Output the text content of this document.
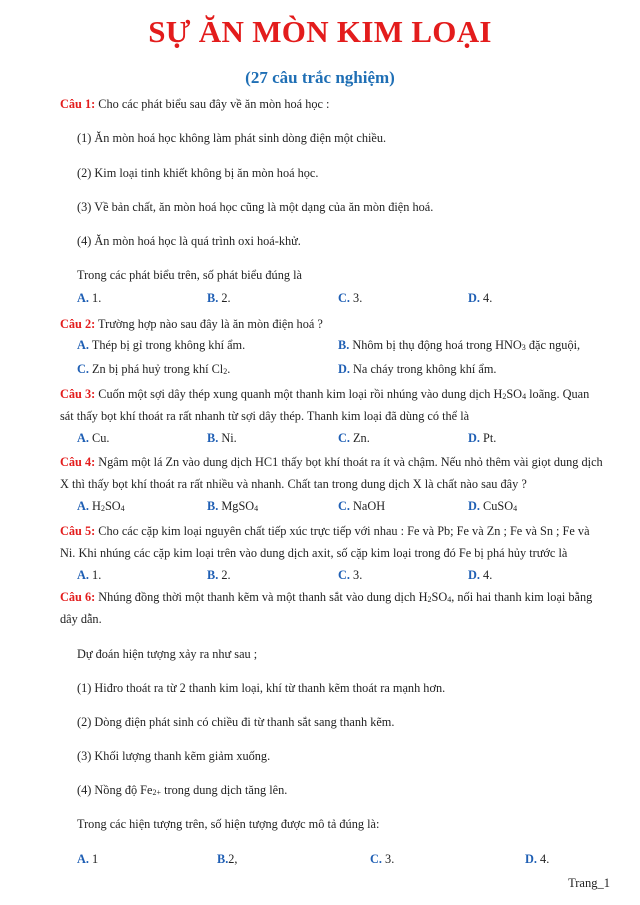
SỰ ĂN MÒN KIM LOẠI
(27 câu trắc nghiệm)
Câu 1: Cho các phát biểu sau đây về ăn mòn hoá học :
(1) Ăn mòn hoá học không làm phát sinh dòng điện một chiều.
(2) Kim loại tinh khiết không bị ăn mòn hoá học.
(3) Về bản chất, ăn mòn hoá học cũng là một dạng của ăn mòn điện hoá.
(4) Ăn mòn hoá học là quá trình oxi hoá-khử.
Trong các phát biểu trên, số phát biểu đúng là
A. 1.	B. 2.	C. 3.	D. 4.
Câu 2: Trường hợp nào sau đây là ăn mòn điện hoá ?
A. Thép bị gỉ trong không khí ẩm.	B. Nhôm bị thụ động hoá trong $HNO_3$ đặc nguội,
C. Zn bị phá huỷ trong khí $Cl_2$.	D. Na cháy trong không khí ẩm.
Câu 3: Cuốn một sợi dây thép xung quanh một thanh kim loại rồi nhúng vào dung dịch $H_2SO_4$ loãng. Quan
sát thấy bọt khí thoát ra rất nhanh từ sợi dây thép. Thanh kim loại đã dùng có thể là
A. Cu.	B. Ni.	C. Zn.	D. Pt.
Câu 4: Ngâm một lá Zn vào dung dịch HC1 thấy bọt khí thoát ra ít và chậm. Nếu nhỏ thêm vài giọt dung dịch
X thì thấy bọt khí thoát ra rất nhiều và nhanh. Chất tan trong dung dịch X là chất nào sau đây ?
A. $H_2SO_4$	B. MgSO$_4$	C. NaOH	D. CuSO$_4$
Câu 5: Cho các cặp kim loại nguyên chất tiếp xúc trực tiếp với nhau : Fe và Pb; Fe và Zn ; Fe và Sn ; Fe và
Ni. Khi nhúng các cặp kim loại trên vào dung dịch axit, số cặp kim loại trong đó Fe bị phá hủy trước là
A. 1.	B. 2.	C. 3.	D. 4.
Câu 6: Nhúng đồng thời một thanh kẽm và một thanh sắt vào dung dịch $H_2SO_4$, nối hai thanh kim loại bằng
dây dẫn.
Dự đoán hiện tượng xảy ra như sau ;
(1) Hiđro thoát ra từ 2 thanh kim loại, khí từ thanh kẽm thoát ra mạnh hơn.
(2) Dòng điện phát sinh có chiều đi từ thanh sắt sang thanh kẽm.
(3) Khối lượng thanh kẽm giảm xuống.
(4) Nồng độ $Fe_{2+}$ trong dung dịch tăng lên.
Trong các hiện tượng trên, số hiện tượng được mô tả đúng là:
A. 1	B.2,	C. 3.	D. 4.
Trang_1
